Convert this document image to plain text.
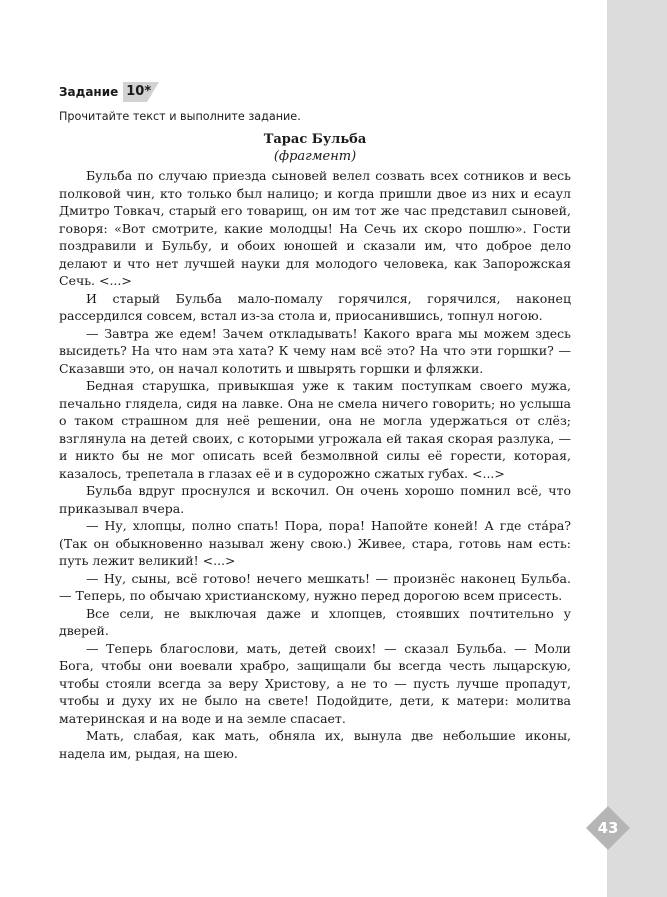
43
Задание 10*
Прочитайте текст и выполните задание.
Тарас Бульба
(фрагмент)

Бульба по случаю приезда сыновей велел созвать всех сотников и весь полковой чин, кто только был налицо; и когда пришли двое из них и есаул Дмитро Товкач, старый его товарищ, он им тот же час представил сыновей, говоря: «Вот смотрите, какие молодцы! На Сечь их скоро пошлю». Гости поздравили и Бульбу, и обоих юношей и сказали им, что доброе дело делают и что нет лучшей науки для молодого человека, как Запорожская Сечь. <...>

И старый Бульба мало-помалу горячился, горячился, наконец рассердился совсем, встал из-за стола и, приосанившись, топнул ногою.

— Завтра же едем! Зачем откладывать! Какого врага мы можем здесь высидеть? На что нам эта хата? К чему нам всё это? На что эти горшки? — Сказавши это, он начал колотить и швырять горшки и фляжки.

Бедная старушка, привыкшая уже к таким поступкам своего мужа, печально глядела, сидя на лавке. Она не смела ничего говорить; но услыша о таком страшном для неё решении, она не могла удержаться от слёз; взглянула на детей своих, с которыми угрожала ей такая скорая разлука, — и никто бы не мог описать всей безмолвной силы её горести, которая, казалось, трепетала в глазах её и в судорожно сжатых губах. <...>

Бульба вдруг проснулся и вскочил. Он очень хорошо помнил всё, что приказывал вчера.

— Ну, хлопцы, полно спать! Пора, пора! Напойте коней! А где ста́ра? (Так он обыкновенно называл жену свою.) Живее, стара, готовь нам есть: путь лежит великий! <...>

— Ну, сыны, всё готово! нечего мешкать! — произнёс наконец Бульба. — Теперь, по обычаю христианскому, нужно перед дорогою всем присесть.

Все сели, не выключая даже и хлопцев, стоявших почтительно у дверей.

— Теперь благослови, мать, детей своих! — сказал Бульба. — Моли Бога, чтобы они воевали храбро, защищали бы всегда честь лыцарскую, чтобы стояли всегда за веру Христову, а не то — пусть лучше пропадут, чтобы и духу их не было на свете! Подойдите, дети, к матери: молитва материнская и на воде и на земле спасает.

Мать, слабая, как мать, обняла их, вынула две небольшие иконы, надела им, рыдая, на шею.
